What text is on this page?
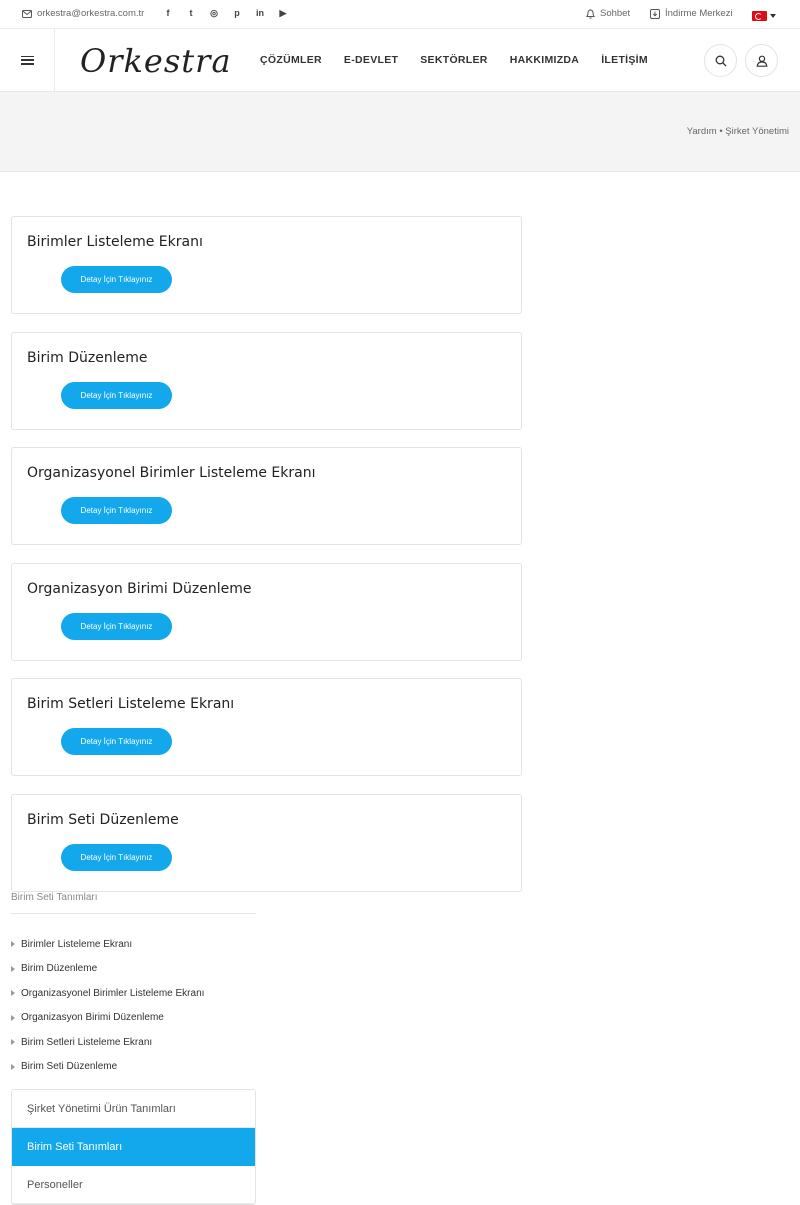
orkestra@orkestra.com.tr	f	t	◎	p	in ▶	Sohbet	İndirme Merkezi
Orkestra	ÇÖZÜMLER E-DEVLET SEKTÖRLER HAKKIMIZDA İLETİŞİM
Yardım • Şirket Yönetimi
Birimler Listeleme Ekranı
Detay İçin Tıklayınız
Birim Düzenleme
Detay İçin Tıklayınız
Organizasyonel Birimler Listeleme Ekranı
Detay İçin Tıklayınız
Organizasyon Birimi Düzenleme
Detay İçin Tıklayınız
Birim Setleri Listeleme Ekranı
Detay İçin Tıklayınız
Birim Seti Düzenleme
Detay İçin Tıklayınız
Birim Seti Tanımları
Birimler Listeleme Ekranı
Birim Düzenleme
Organizasyonel Birimler Listeleme Ekranı
Organizasyon Birimi Düzenleme
Birim Setleri Listeleme Ekranı
Birim Seti Düzenleme
Şirket Yönetimi Ürün Tanımları
Birim Seti Tanımları
Personeller
